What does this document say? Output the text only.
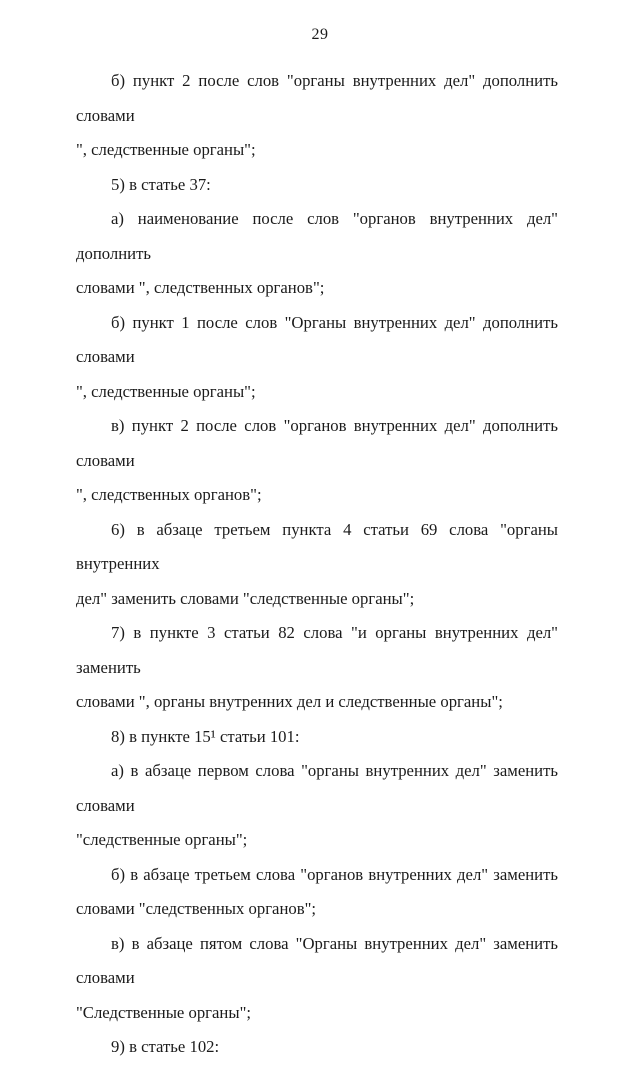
29
б) пункт 2 после слов "органы внутренних дел" дополнить словами
", следственные органы";
5) в статье 37:
а) наименование после слов "органов внутренних дел" дополнить
словами ", следственных органов";
б) пункт 1 после слов "Органы внутренних дел" дополнить словами
", следственные органы";
в) пункт 2 после слов "органов внутренних дел" дополнить словами
", следственных органов";
6) в абзаце третьем пункта 4 статьи 69 слова "органы внутренних
дел" заменить словами "следственные органы";
7) в пункте 3 статьи 82 слова "и органы внутренних дел" заменить
словами ", органы внутренних дел и следственные органы";
8) в пункте 15¹ статьи 101:
а) в абзаце первом слова "органы внутренних дел" заменить словами
"следственные органы";
б) в абзаце третьем слова "органов внутренних дел" заменить
словами "следственных органов";
в) в абзаце пятом слова "Органы внутренних дел" заменить словами
"Следственные органы";
9) в статье 102:
